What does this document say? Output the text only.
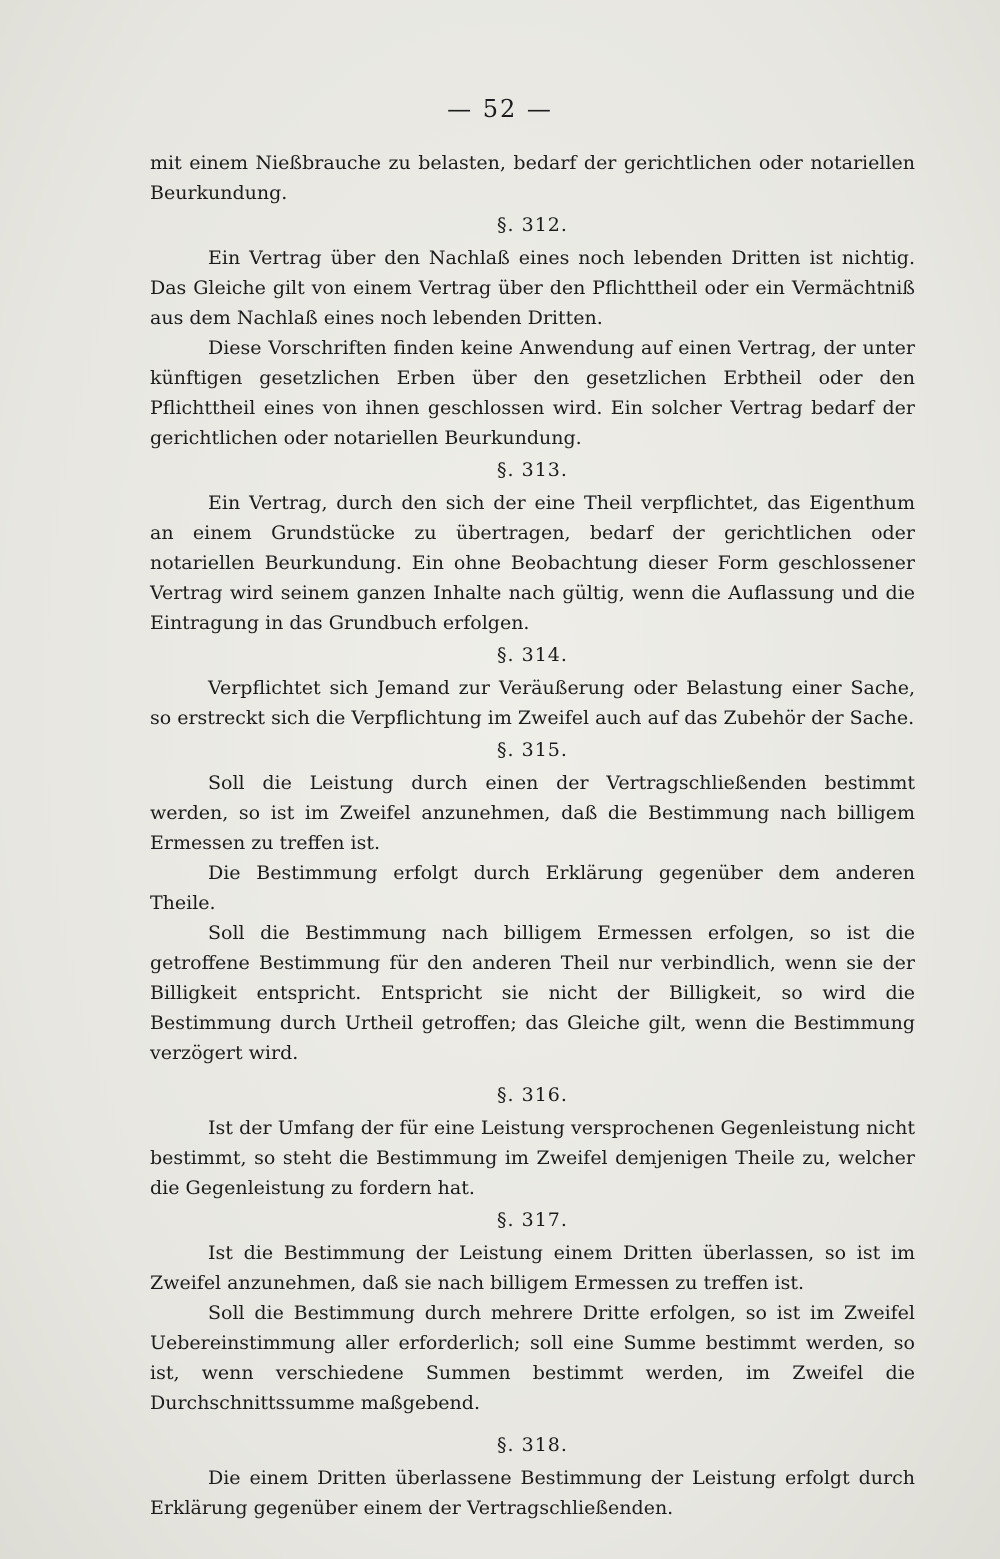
— 52 —

mit einem Nießbrauche zu belasten, bedarf der gerichtlichen oder notariellen Beurkundung.

§. 312.

Ein Vertrag über den Nachlaß eines noch lebenden Dritten ist nichtig. Das Gleiche gilt von einem Vertrag über den Pflichttheil oder ein Vermächtniß aus dem Nachlaß eines noch lebenden Dritten.

Diese Vorschriften finden keine Anwendung auf einen Vertrag, der unter künftigen gesetzlichen Erben über den gesetzlichen Erbtheil oder den Pflichttheil eines von ihnen geschlossen wird. Ein solcher Vertrag bedarf der gerichtlichen oder notariellen Beurkundung.

§. 313.

Ein Vertrag, durch den sich der eine Theil verpflichtet, das Eigenthum an einem Grundstücke zu übertragen, bedarf der gerichtlichen oder notariellen Beurkundung. Ein ohne Beobachtung dieser Form geschlossener Vertrag wird seinem ganzen Inhalte nach gültig, wenn die Auflassung und die Eintragung in das Grundbuch erfolgen.

§. 314.

Verpflichtet sich Jemand zur Veräußerung oder Belastung einer Sache, so erstreckt sich die Verpflichtung im Zweifel auch auf das Zubehör der Sache.

§. 315.

Soll die Leistung durch einen der Vertragschließenden bestimmt werden, so ist im Zweifel anzunehmen, daß die Bestimmung nach billigem Ermessen zu treffen ist.

Die Bestimmung erfolgt durch Erklärung gegenüber dem anderen Theile.

Soll die Bestimmung nach billigem Ermessen erfolgen, so ist die getroffene Bestimmung für den anderen Theil nur verbindlich, wenn sie der Billigkeit entspricht. Entspricht sie nicht der Billigkeit, so wird die Bestimmung durch Urtheil getroffen; das Gleiche gilt, wenn die Bestimmung verzögert wird.

§. 316.

Ist der Umfang der für eine Leistung versprochenen Gegenleistung nicht bestimmt, so steht die Bestimmung im Zweifel demjenigen Theile zu, welcher die Gegenleistung zu fordern hat.

§. 317.

Ist die Bestimmung der Leistung einem Dritten überlassen, so ist im Zweifel anzunehmen, daß sie nach billigem Ermessen zu treffen ist.

Soll die Bestimmung durch mehrere Dritte erfolgen, so ist im Zweifel Uebereinstimmung aller erforderlich; soll eine Summe bestimmt werden, so ist, wenn verschiedene Summen bestimmt werden, im Zweifel die Durchschnittssumme maßgebend.

§. 318.

Die einem Dritten überlassene Bestimmung der Leistung erfolgt durch Erklärung gegenüber einem der Vertragschließenden.
